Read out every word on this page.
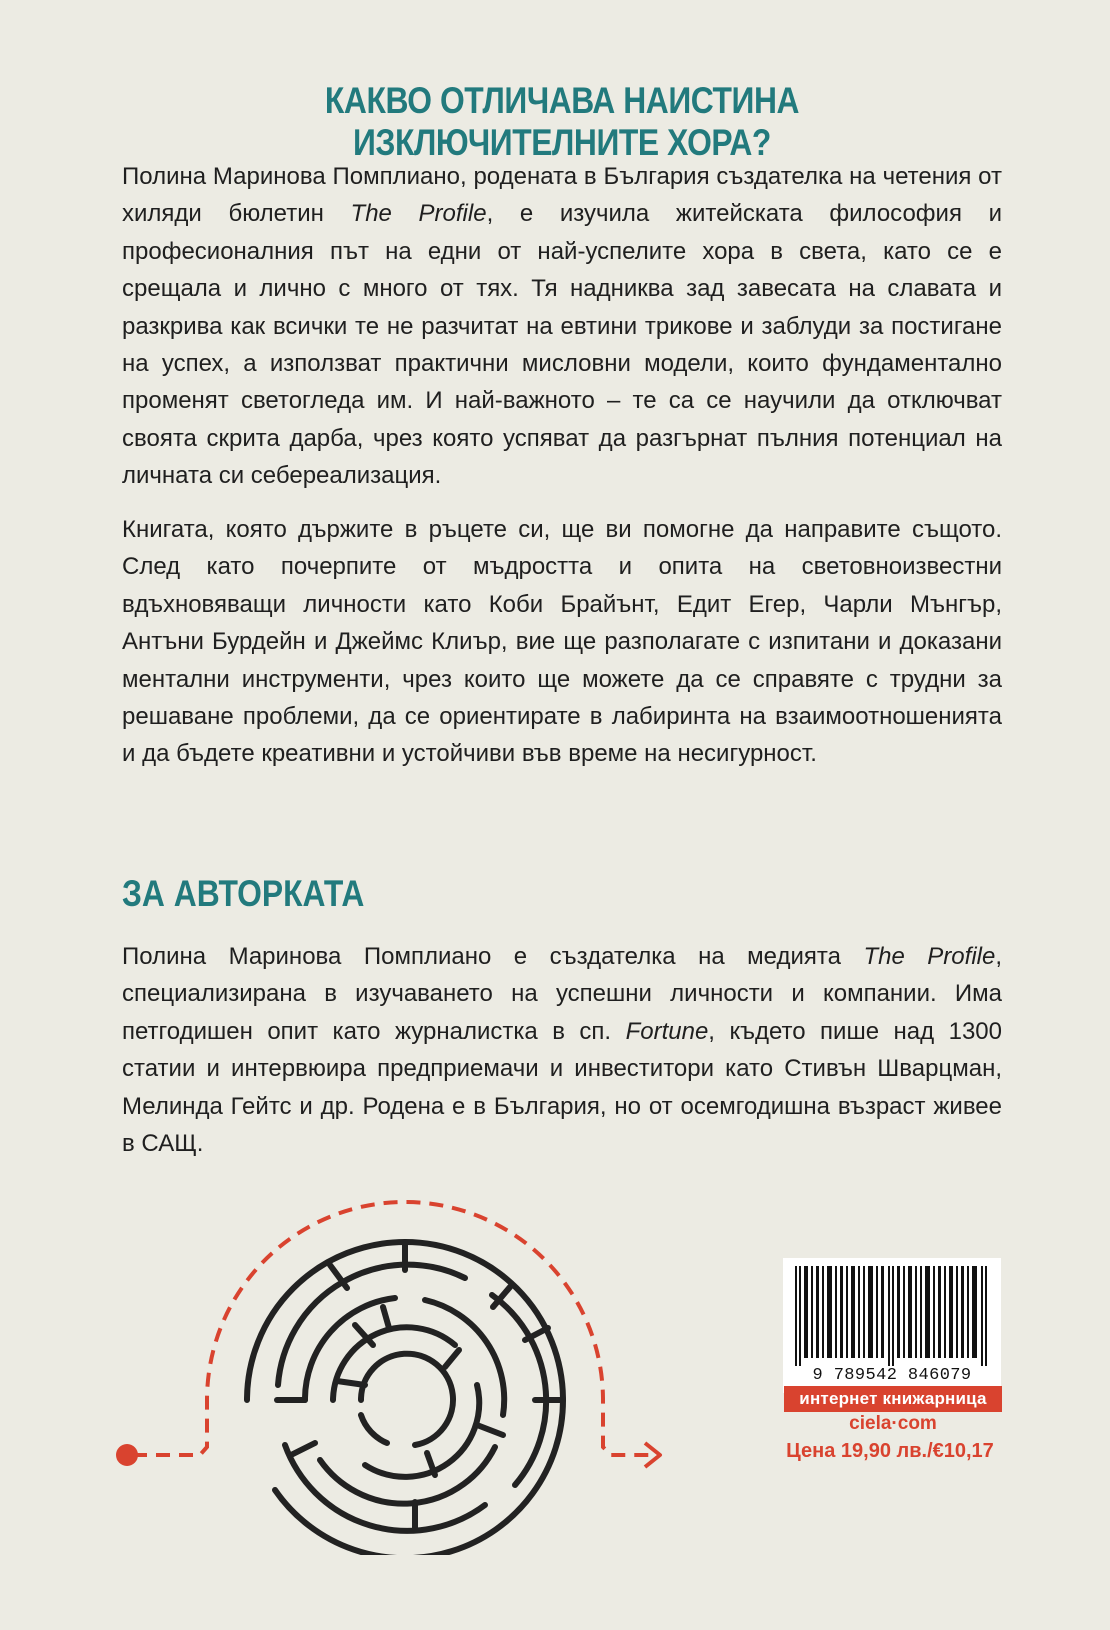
КАКВО ОТЛИЧАВА НАИСТИНА ИЗКЛЮЧИТЕЛНИТЕ ХОРА?

Полина Маринова Помплиано, родената в България създателка на четения от хиляди бюлетин The Profile, е изучила житейската философия и професионалния път на едни от най-успелите хора в света, като се е срещала и лично с много от тях. Тя надниква зад завесата на славата и разкрива как всички те не разчитат на евтини трикове и заблуди за постигане на успех, а използват практични мисловни модели, които фундаментално променят светогледа им. И най-важното – те са се научили да отключват своята скрита дарба, чрез която успяват да разгърнат пълния потенциал на личната си себереализация.

Книгата, която държите в ръцете си, ще ви помогне да направите същото. След като почерпите от мъдростта и опита на световноизвестни вдъхновяващи личности като Коби Брайънт, Едит Егер, Чарли Мънгър, Антъни Бурдейн и Джеймс Клиър, вие ще разполагате с изпитани и доказани ментални инструменти, чрез които ще можете да се справяте с трудни за решаване проблеми, да се ориентирате в лабиринта на взаимоотношенията и да бъдете креативни и устойчиви във време на несигурност.

ЗА АВТОРКАТА

Полина Маринова Помплиано е създателка на медията The Profile, специализирана в изучаването на успешни личности и компании. Има петгодишен опит като журналистка в сп. Fortune, където пише над 1300 статии и интервюира предприемачи и инвеститори като Стивън Шварцман, Мелинда Гейтс и др. Родена е в България, но от осемгодишна възраст живее в САЩ.

9 789542 846079
интернет книжарница
ciela·com
Цена 19,90 лв./€10,17
